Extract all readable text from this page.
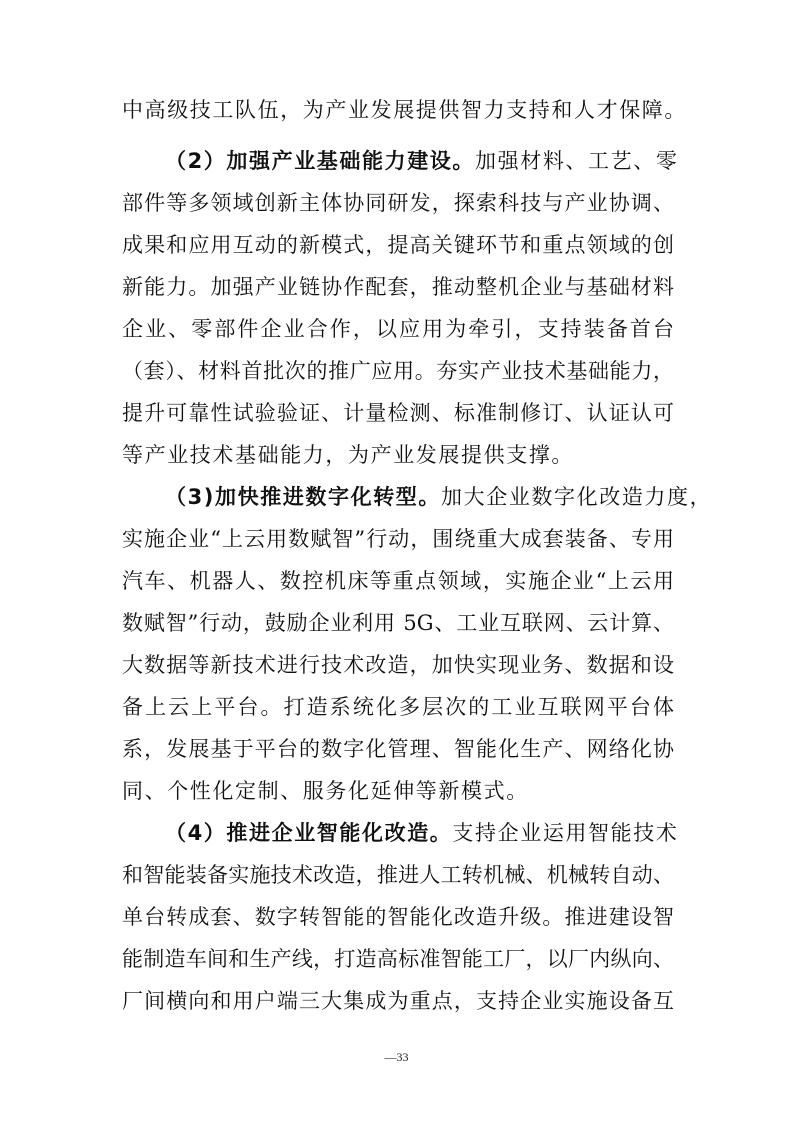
中高级技工队伍，为产业发展提供智力支持和人才保障。
（2）加强产业基础能力建设。加强材料、工艺、零
部件等多领域创新主体协同研发，探索科技与产业协调、
成果和应用互动的新模式，提高关键环节和重点领域的创
新能力。加强产业链协作配套，推动整机企业与基础材料
企业、零部件企业合作，以应用为牵引，支持装备首台
（套）、材料首批次的推广应用。夯实产业技术基础能力，
提升可靠性试验验证、计量检测、标准制修订、认证认可
等产业技术基础能力，为产业发展提供支撑。
（3)加快推进数字化转型。加大企业数字化改造力度，
实施企业“上云用数赋智”行动，围绕重大成套装备、专用
汽车、机器人、数控机床等重点领域，实施企业“上云用
数赋智”行动，鼓励企业利用 5G、工业互联网、云计算、
大数据等新技术进行技术改造，加快实现业务、数据和设
备上云上平台。打造系统化多层次的工业互联网平台体
系，发展基于平台的数字化管理、智能化生产、网络化协
同、个性化定制、服务化延伸等新模式。
（4）推进企业智能化改造。支持企业运用智能技术
和智能装备实施技术改造，推进人工转机械、机械转自动、
单台转成套、数字转智能的智能化改造升级。推进建设智
能制造车间和生产线，打造高标准智能工厂，以厂内纵向、
厂间横向和用户端三大集成为重点，支持企业实施设备互
—33
